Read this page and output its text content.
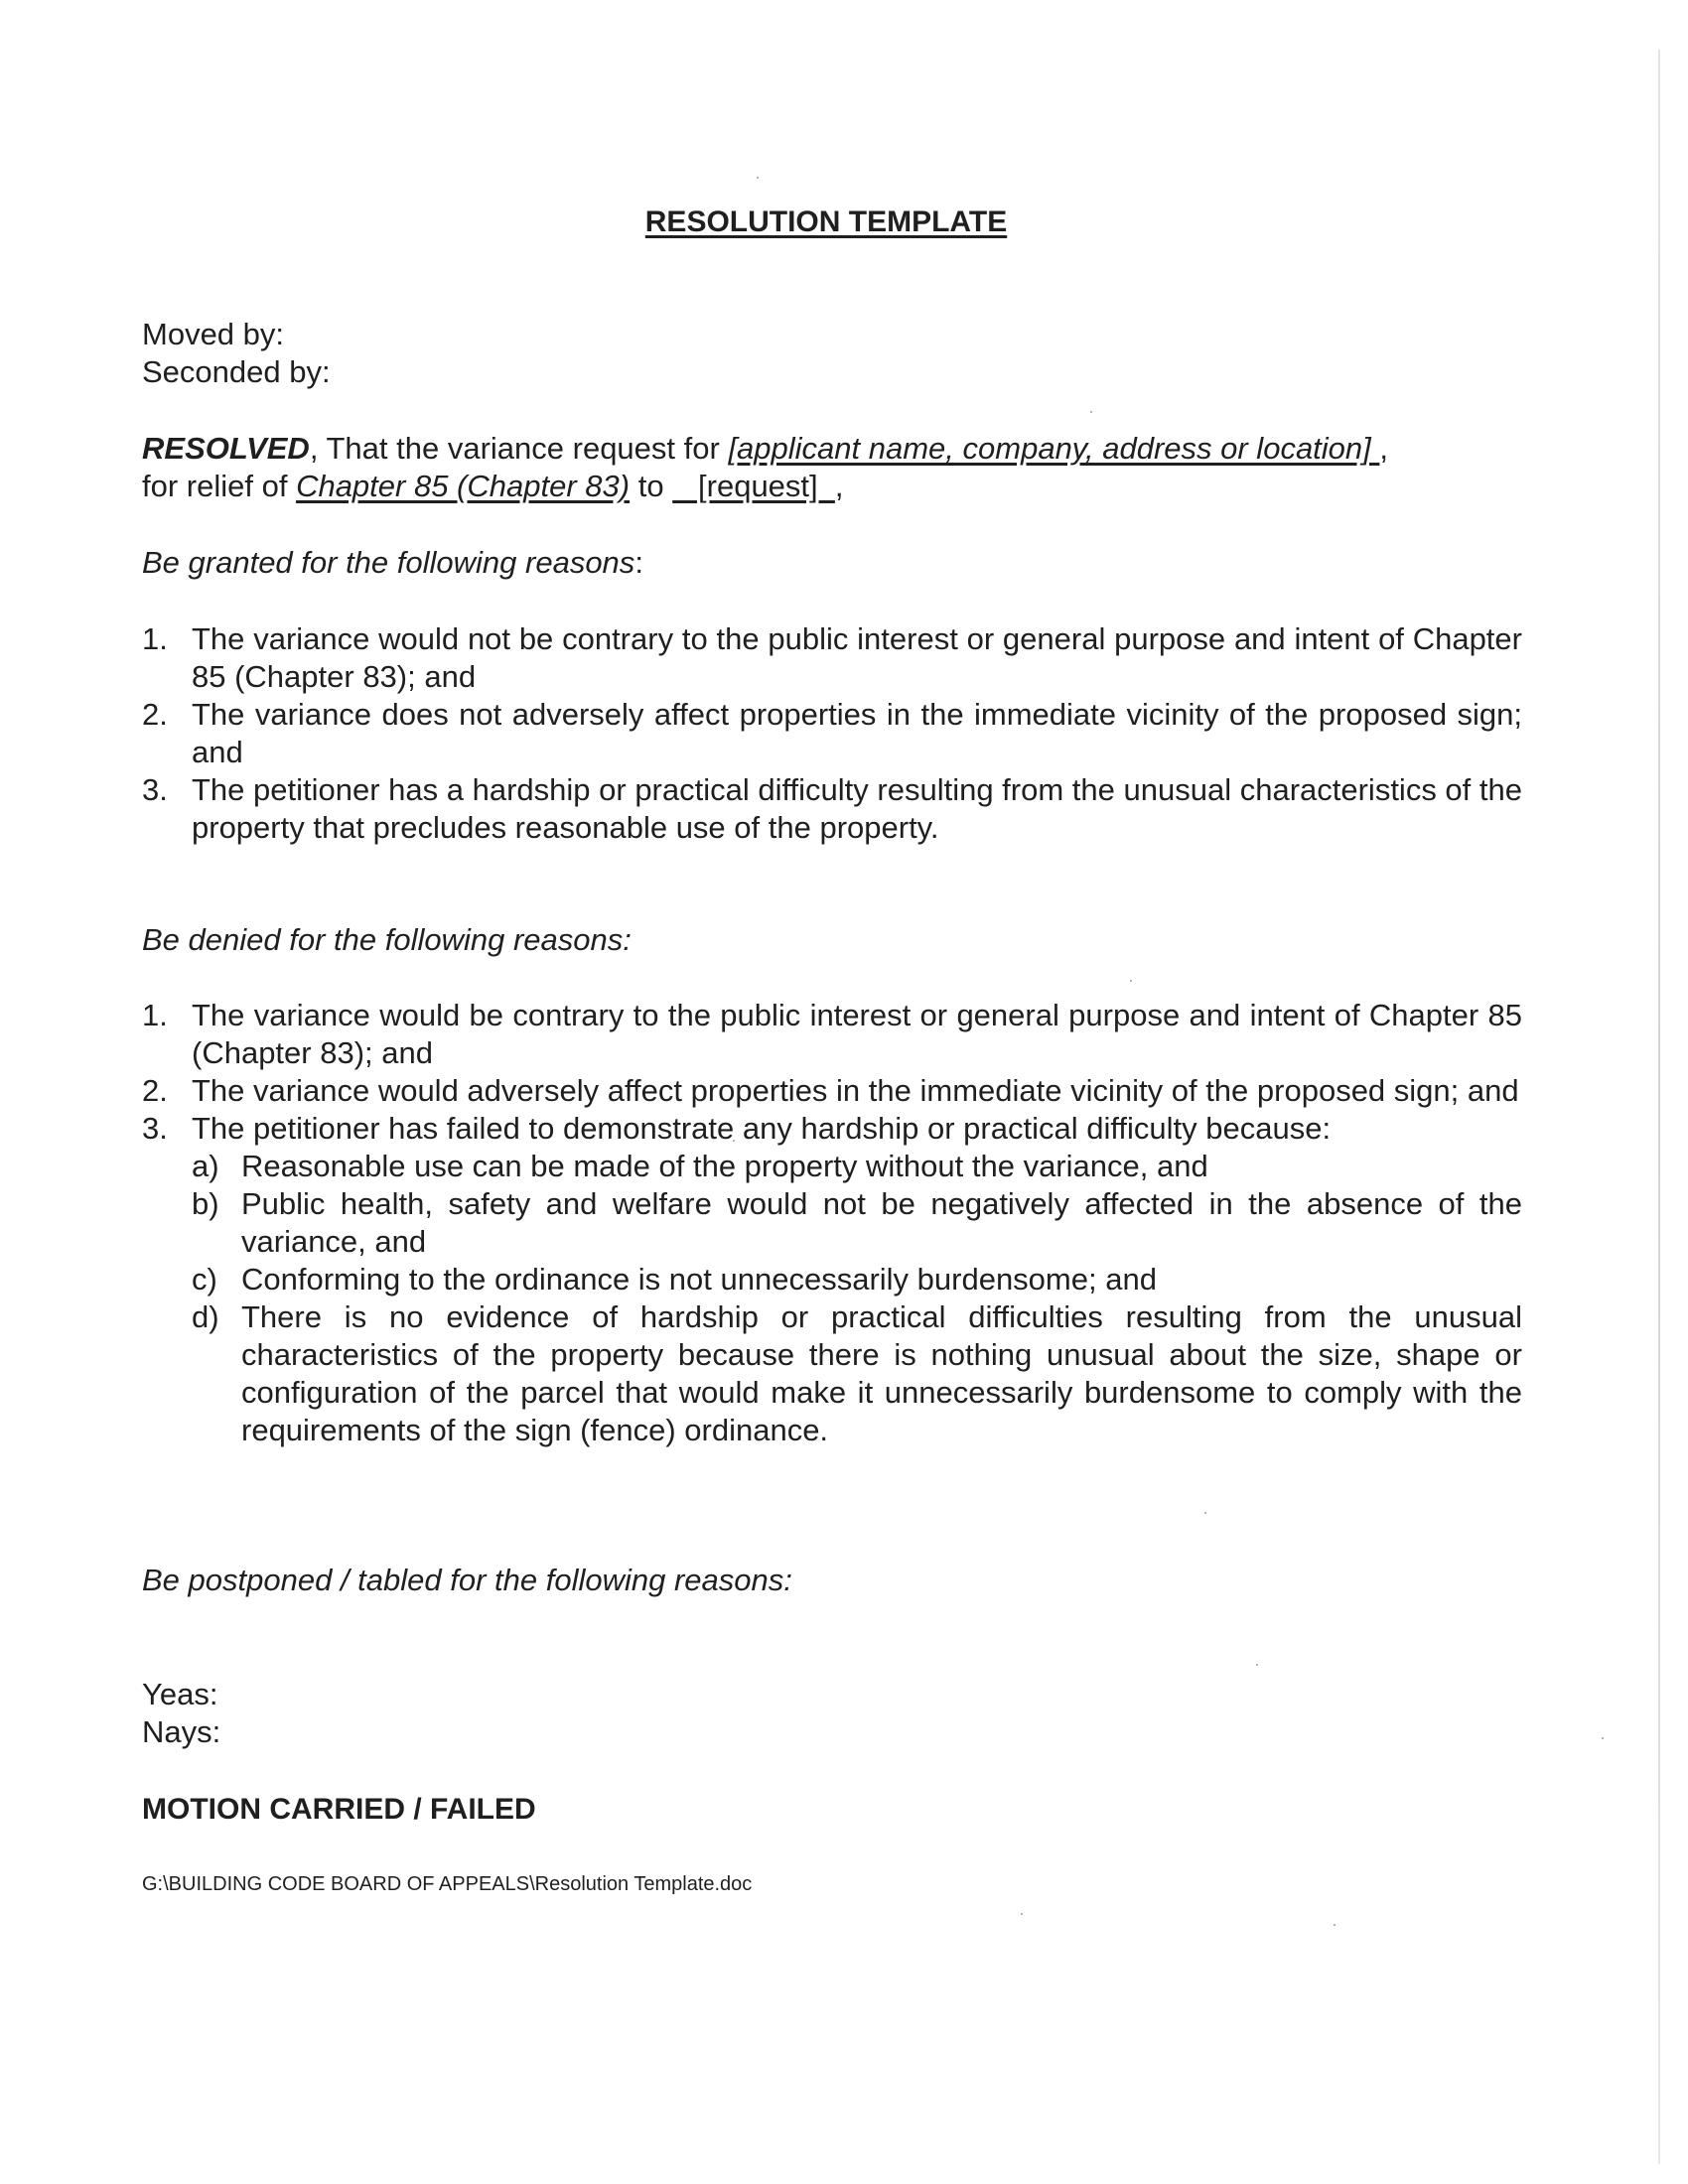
RESOLUTION TEMPLATE
Moved by:
Seconded by:
RESOLVED, That the variance request for [applicant name, company, address or location] ,
for relief of Chapter 85 (Chapter 83) to    [request]  ,
Be granted for the following reasons:
1. The variance would not be contrary to the public interest or general purpose and intent of Chapter 85 (Chapter 83); and
2. The variance does not adversely affect properties in the immediate vicinity of the proposed sign; and
3. The petitioner has a hardship or practical difficulty resulting from the unusual characteristics of the property that precludes reasonable use of the property.
Be denied for the following reasons:
1. The variance would be contrary to the public interest or general purpose and intent of Chapter 85 (Chapter 83); and
2. The variance would adversely affect properties in the immediate vicinity of the proposed sign; and
3. The petitioner has failed to demonstrate any hardship or practical difficulty because:
a) Reasonable use can be made of the property without the variance, and
b) Public health, safety and welfare would not be negatively affected in the absence of the variance, and
c) Conforming to the ordinance is not unnecessarily burdensome; and
d) There is no evidence of hardship or practical difficulties resulting from the unusual characteristics of the property because there is nothing unusual about the size, shape or configuration of the parcel that would make it unnecessarily burdensome to comply with the requirements of the sign (fence) ordinance.
Be postponed / tabled for the following reasons:
Yeas:
Nays:
MOTION CARRIED / FAILED
G:\BUILDING CODE BOARD OF APPEALS\Resolution Template.doc
